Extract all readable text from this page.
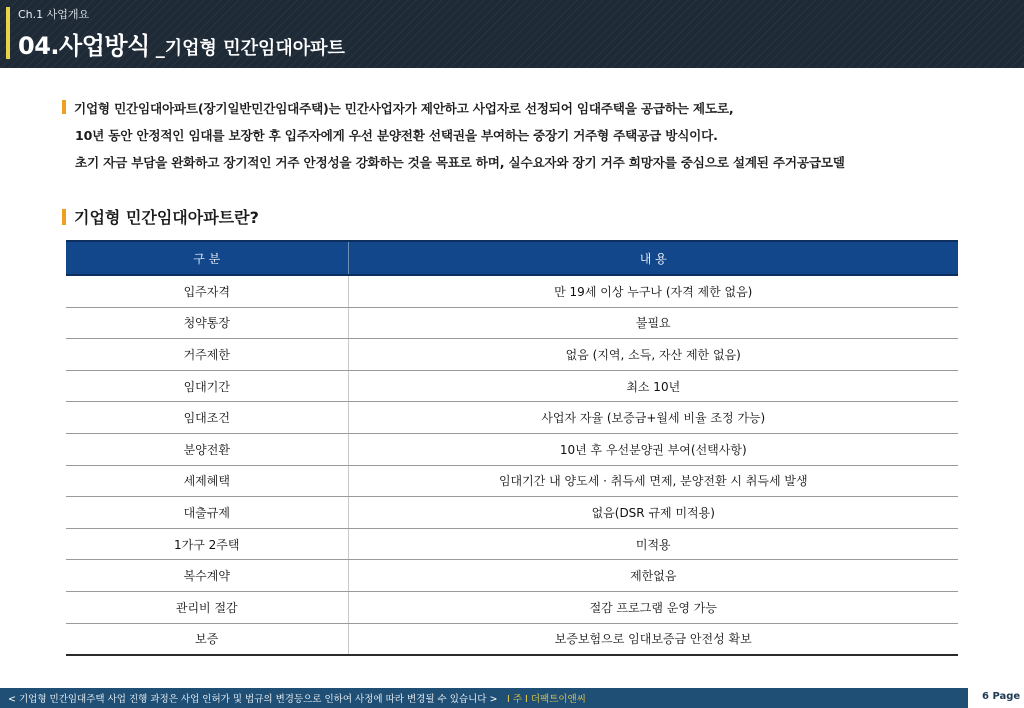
Ch.1 사업개요
04.사업방식 _기업형 민간임대아파트
기업형 민간임대아파트(장기일반민간임대주택)는 민간사업자가 제안하고 사업자로 선정되어 임대주택을 공급하는 제도로,
10년 동안 안정적인 임대를 보장한 후 입주자에게 우선 분양전환 선택권을 부여하는 중장기 거주형 주택공급 방식이다.
초기 자금 부담을 완화하고 장기적인 거주 안정성을 강화하는 것을 목표로 하며, 실수요자와 장기 거주 희망자를 중심으로 설계된 주거공급모델
기업형 민간임대아파트란?
구 분	내 용
입주자격	만 19세 이상 누구나 (자격 제한 없음)
청약통장	불필요
거주제한	없음 (지역, 소득, 자산 제한 없음)
임대기간	최소 10년
임대조건	사업자 자율 (보증금+월세 비율 조정 가능)
분양전환	10년 후 우선분양권 부여(선택사항)
세제혜택	임대기간 내 양도세 · 취득세 면제, 분양전환 시 취득세 발생
대출규제	없음(DSR 규제 미적용)
1가구 2주택	미적용
복수계약	제한없음
관리비 절감	절감 프로그램 운영 가능
보증	보증보험으로 임대보증금 안전성 확보
< 기업형 민간임대주택 사업 진행 과정은 사업 인허가 및 법규의 변경등으로 인하여 사정에 따라 변경될 수 있습니다 > I 주 I 더팩트이앤씨	6 Page
